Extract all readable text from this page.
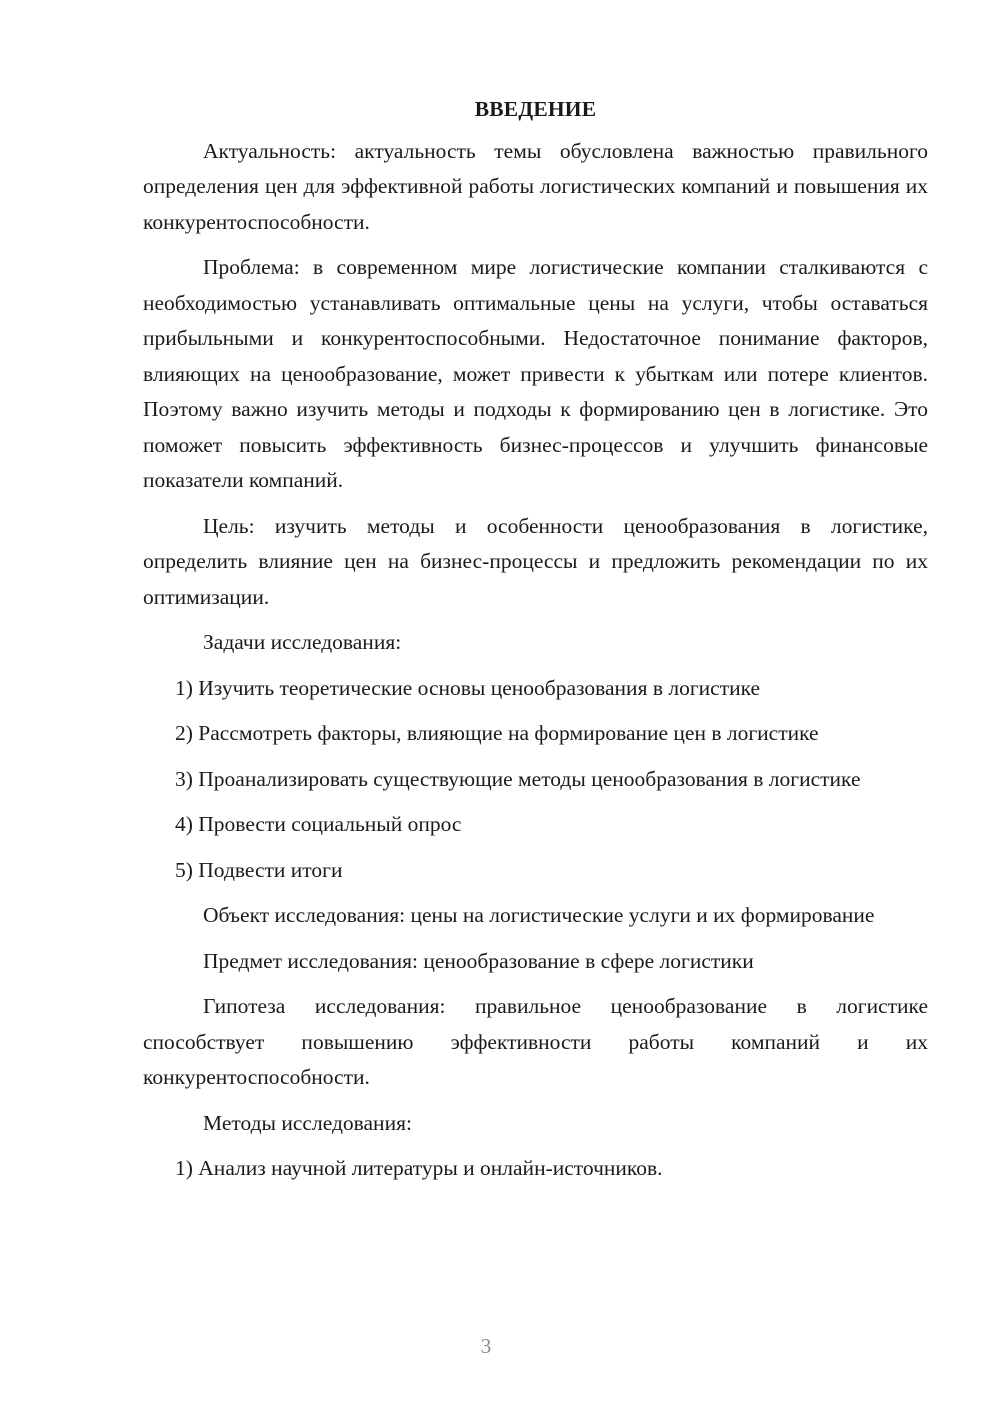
ВВЕДЕНИЕ

Актуальность: актуальность темы обусловлена важностью правильного определения цен для эффективной работы логистических компаний и повышения их конкурентоспособности.

Проблема: в современном мире логистические компании сталкиваются с необходимостью устанавливать оптимальные цены на услуги, чтобы оставаться прибыльными и конкурентоспособными. Недостаточное понимание факторов, влияющих на ценообразование, может привести к убыткам или потере клиентов. Поэтому важно изучить методы и подходы к формированию цен в логистике. Это поможет повысить эффективность бизнес-процессов и улучшить финансовые показатели компаний.

Цель: изучить методы и особенности ценообразования в логистике, определить влияние цен на бизнес-процессы и предложить рекомендации по их оптимизации.

Задачи исследования:

1) Изучить теоретические основы ценообразования в логистике

2) Рассмотреть факторы, влияющие на формирование цен в логистике

3) Проанализировать существующие методы ценообразования в логистике

4) Провести социальный опрос

5) Подвести итоги

Объект исследования: цены на логистические услуги и их формирование

Предмет исследования: ценообразование в сфере логистики

Гипотеза исследования: правильное ценообразование в логистике способствует повышению эффективности работы компаний и их конкурентоспособности.

Методы исследования:

1) Анализ научной литературы и онлайн-источников.

3
